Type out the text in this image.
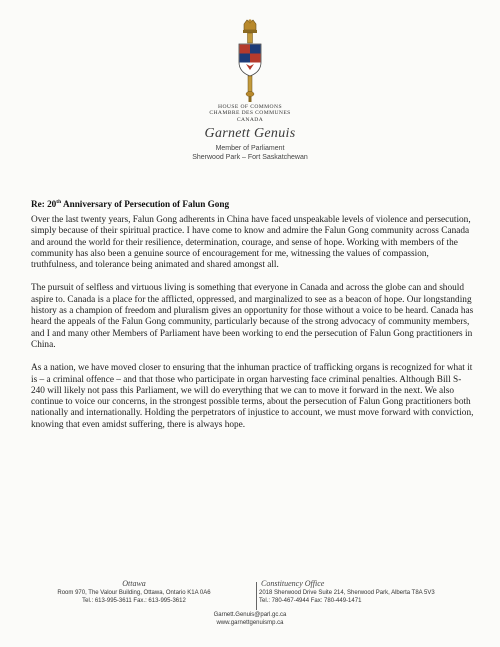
HOUSE OF COMMONS
CHAMBRE DES COMMUNES
CANADA
Garnett Genuis
Member of Parliament
Sherwood Park – Fort Saskatchewan
Re: 20th Anniversary of Persecution of Falun Gong

Over the last twenty years, Falun Gong adherents in China have faced unspeakable levels of violence and persecution, simply because of their spiritual practice. I have come to know and admire the Falun Gong community across Canada and around the world for their resilience, determination, courage, and sense of hope. Working with members of the community has also been a genuine source of encouragement for me, witnessing the values of compassion, truthfulness, and tolerance being animated and shared amongst all.

The pursuit of selfless and virtuous living is something that everyone in Canada and across the globe can and should aspire to. Canada is a place for the afflicted, oppressed, and marginalized to see as a beacon of hope. Our longstanding history as a champion of freedom and pluralism gives an opportunity for those without a voice to be heard. Canada has heard the appeals of the Falun Gong community, particularly because of the strong advocacy of community members, and I and many other Members of Parliament have been working to end the persecution of Falun Gong practitioners in China.

As a nation, we have moved closer to ensuring that the inhuman practice of trafficking organs is recognized for what it is – a criminal offence – and that those who participate in organ harvesting face criminal penalties. Although Bill S-240 will likely not pass this Parliament, we will do everything that we can to move it forward in the next. We also continue to voice our concerns, in the strongest possible terms, about the persecution of Falun Gong practitioners both nationally and internationally. Holding the perpetrators of injustice to account, we must move forward with conviction, knowing that even amidst suffering, there is always hope.

Ottawa
Room 970, The Valour Building, Ottawa, Ontario K1A 0A6
Tel.: 613-995-3611 Fax.: 613-995-3612
Constituency Office
2018 Sherwood Drive Suite 214, Sherwood Park, Alberta T8A 5V3
Tel.: 780-467-4944 Fax: 780-449-1471
Garnett.Genuis@parl.gc.ca
www.garnettgenuismp.ca
